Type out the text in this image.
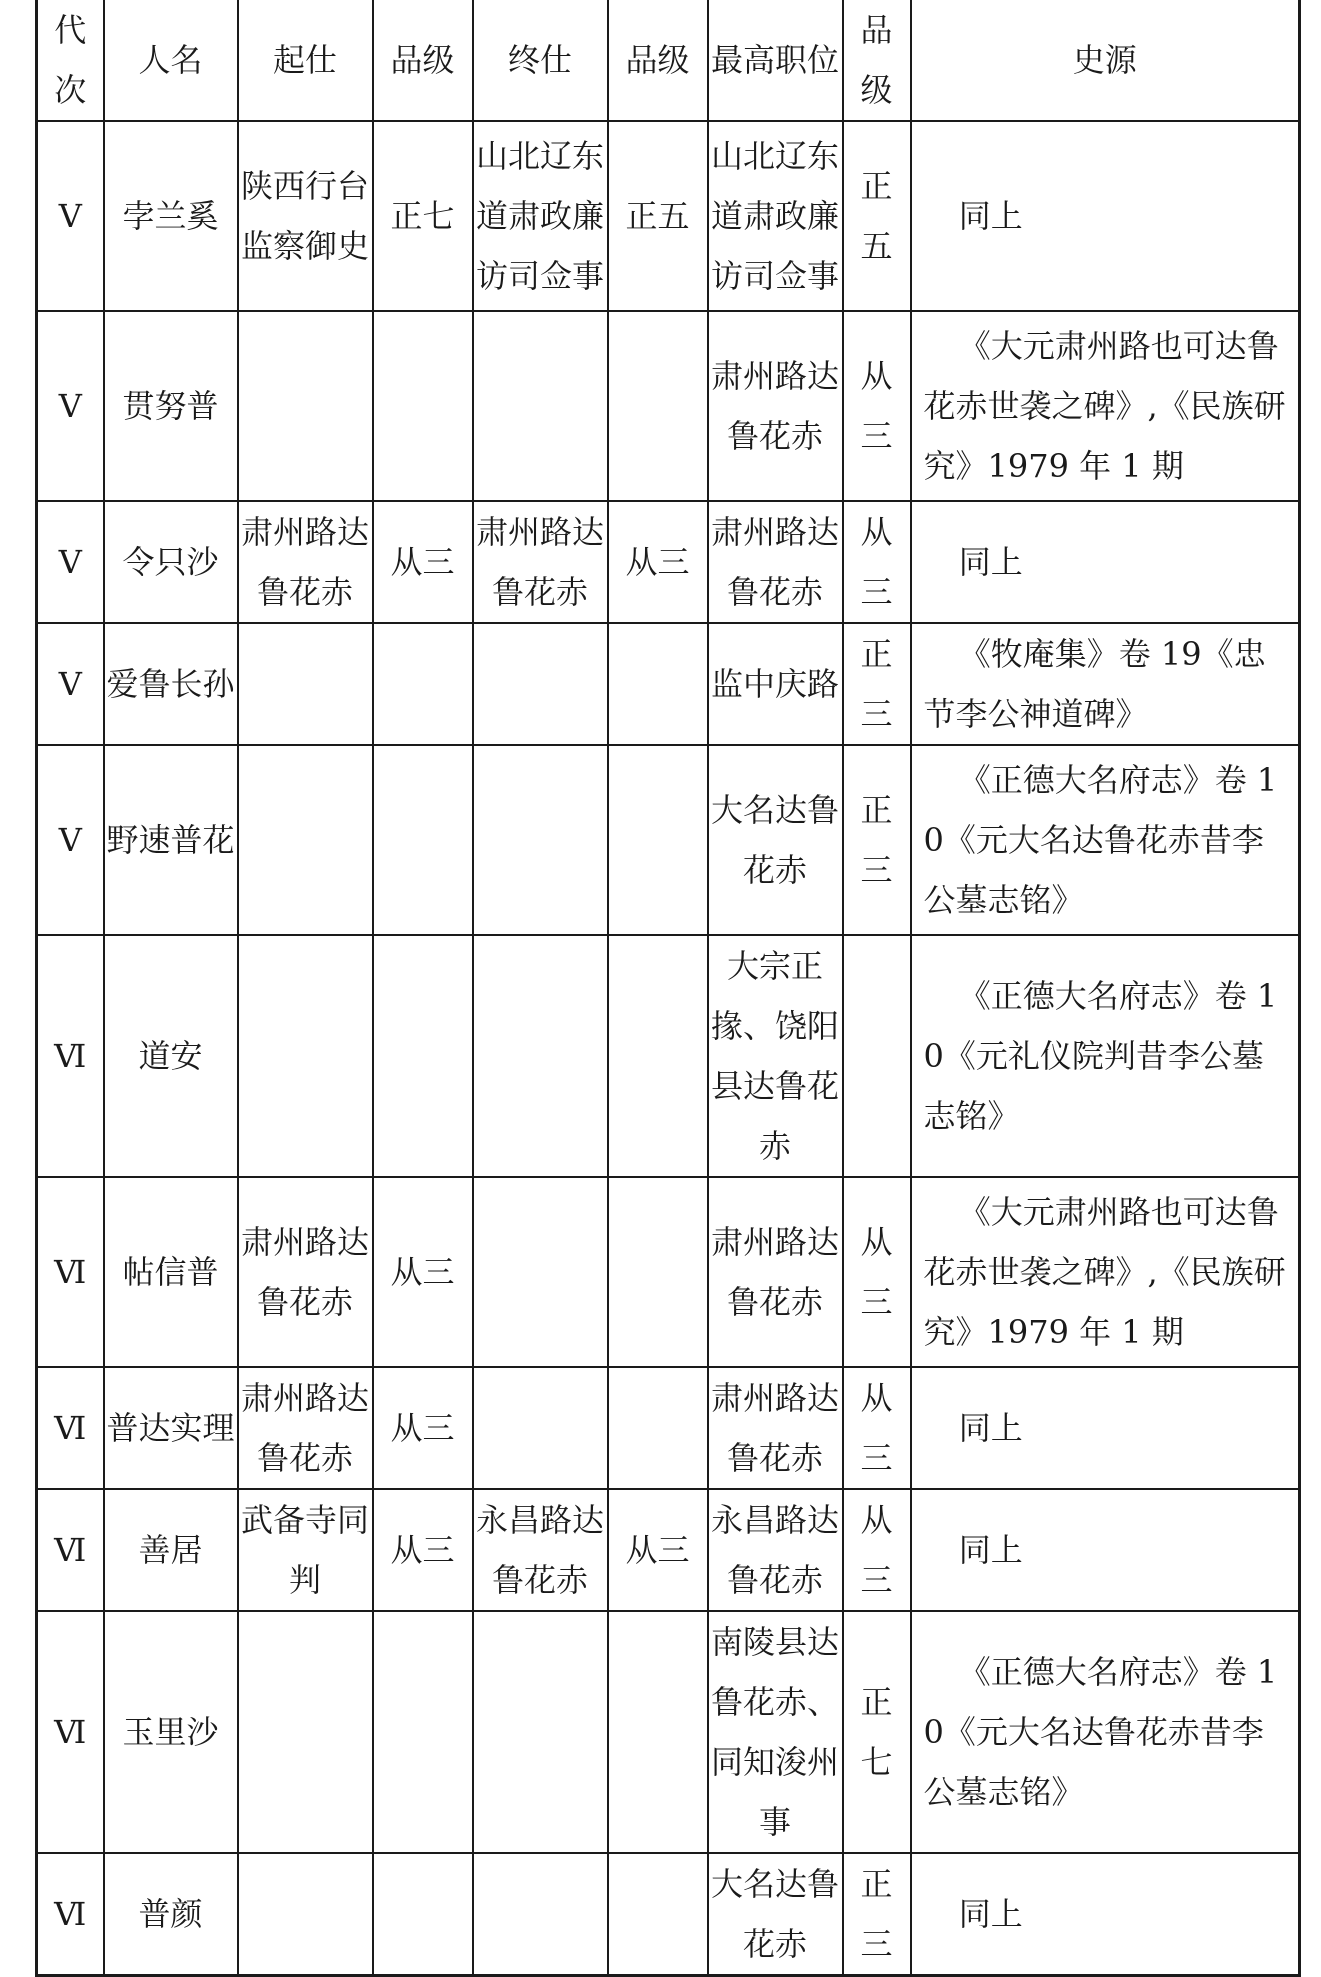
代次	人名	起仕	品级	终仕	品级	最高职位	品级	史源
Ⅴ	孛兰奚	陕西行台监察御史	正七	山北辽东道肃政廉访司佥事	正五	山北辽东道肃政廉访司佥事	正五	同上

Ⅴ	贯努普					肃州路达鲁花赤	从三	《大元肃州路也可达鲁花赤世袭之碑》,《民族研究》1979 年 1 期

Ⅴ	令只沙	肃州路达鲁花赤	从三	肃州路达鲁花赤	从三	肃州路达鲁花赤	从三	同上

Ⅴ	爱鲁长孙					监中庆路	正三	《牧庵集》卷 19《忠节李公神道碑》

Ⅴ	野速普花					大名达鲁花赤	正三	《正德大名府志》卷 10《元大名达鲁花赤昔李公墓志铭》

Ⅵ	道安					大宗正掾、饶阳县达鲁花赤		《正德大名府志》卷 10《元礼仪院判昔李公墓志铭》

Ⅵ	帖信普	肃州路达鲁花赤	从三			肃州路达鲁花赤	从三	《大元肃州路也可达鲁花赤世袭之碑》,《民族研究》1979 年 1 期

Ⅵ	普达实理	肃州路达鲁花赤	从三			肃州路达鲁花赤	从三	同上

Ⅵ	善居	武备寺同判	从三	永昌路达鲁花赤	从三	永昌路达鲁花赤	从三	同上

Ⅵ	玉里沙					南陵县达鲁花赤、同知浚州事	正七	《正德大名府志》卷 10《元大名达鲁花赤昔李公墓志铭》

Ⅵ	普颜					大名达鲁花赤	正三	同上
